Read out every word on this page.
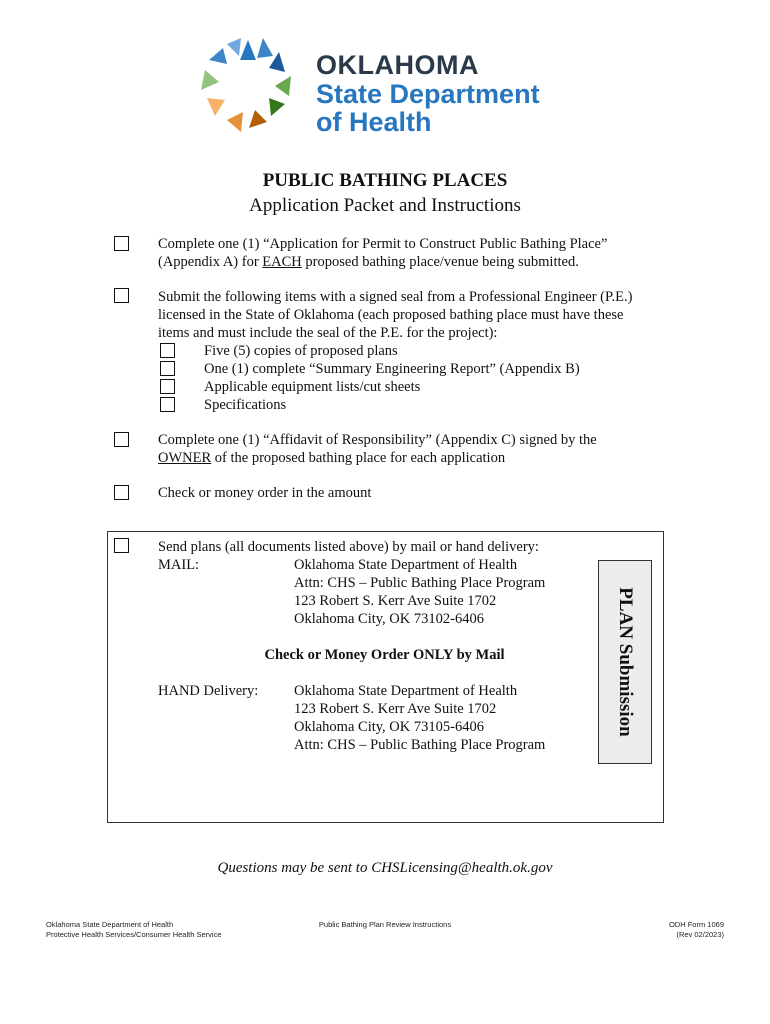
OKLAHOMA
State Department
of Health
PUBLIC BATHING PLACES
Application Packet and Instructions
Complete one (1) “Application for Permit to Construct Public Bathing Place”
(Appendix A) for EACH proposed bathing place/venue being submitted.
Submit the following items with a signed seal from a Professional Engineer (P.E.)
licensed in the State of Oklahoma (each proposed bathing place must have these
items and must include the seal of the P.E. for the project):
Five (5) copies of proposed plans
One (1) complete “Summary Engineering Report” (Appendix B)
Applicable equipment lists/cut sheets
Specifications
Complete one (1) “Affidavit of Responsibility” (Appendix C) signed by the
OWNER of the proposed bathing place for each application
Check or money order in the amount
Send plans (all documents listed above) by mail or hand delivery:
MAIL:	Oklahoma State Department of Health
Attn: CHS – Public Bathing Place Program
123 Robert S. Kerr Ave Suite 1702
Oklahoma City, OK 73102-6406
Check or Money Order ONLY by Mail
HAND Delivery: Oklahoma State Department of Health
123 Robert S. Kerr Ave Suite 1702
Oklahoma City, OK 73105-6406
Attn: CHS – Public Bathing Place Program
PLAN Submission
Questions may be sent to CHSLicensing@health.ok.gov
Oklahoma State Department of Health
Protective Health Services/Consumer Health Service
Public Bathing Plan Review Instructions	ODH Form 1069
(Rev 02/2023)
